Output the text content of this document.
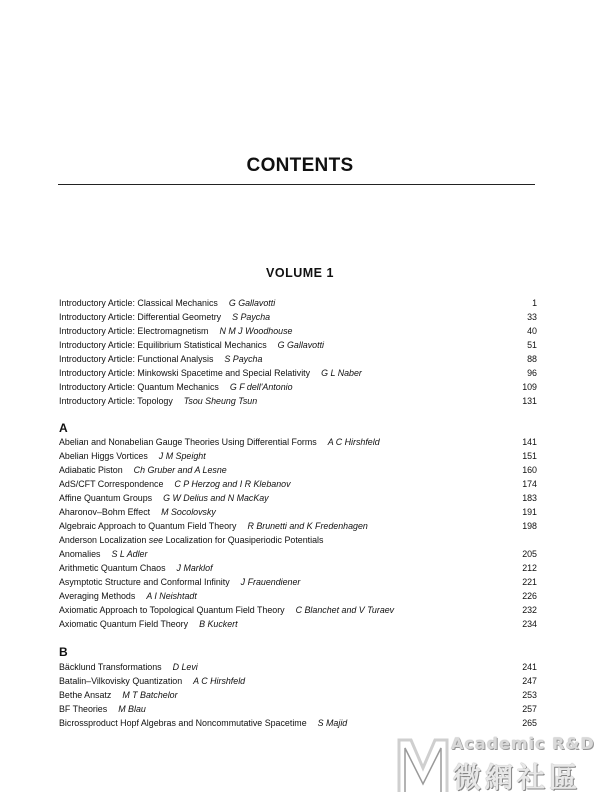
CONTENTS
VOLUME 1
Introductory Article: Classical Mechanics G Gallavotti	1
Introductory Article: Differential Geometry S Paycha	33
Introductory Article: Electromagnetism N M J Woodhouse	40
Introductory Article: Equilibrium Statistical Mechanics G Gallavotti	51
Introductory Article: Functional Analysis S Paycha	88
Introductory Article: Minkowski Spacetime and Special Relativity G L Naber	96
Introductory Article: Quantum Mechanics G F dell'Antonio	109
Introductory Article: Topology Tsou Sheung Tsun	131
A
Abelian and Nonabelian Gauge Theories Using Differential Forms A C Hirshfeld	141
Abelian Higgs Vortices J M Speight	151
Adiabatic Piston Ch Gruber and A Lesne	160
AdS/CFT Correspondence C P Herzog and I R Klebanov	174
Affine Quantum Groups G W Delius and N MacKay	183
Aharonov–Bohm Effect M Socolovsky	191
Algebraic Approach to Quantum Field Theory R Brunetti and K Fredenhagen	198
Anderson Localization see Localization for Quasiperiodic Potentials
Anomalies S L Adler	205
Arithmetic Quantum Chaos J Marklof	212
Asymptotic Structure and Conformal Infinity J Frauendiener	221
Averaging Methods A I Neishtadt	226
Axiomatic Approach to Topological Quantum Field Theory C Blanchet and V Turaev	232
Axiomatic Quantum Field Theory B Kuckert	234
B
Bäcklund Transformations D Levi	241
Batalin–Vilkovisky Quantization A C Hirshfeld	247
Bethe Ansatz M T Batchelor	253
BF Theories M Blau	257
Bicrossproduct Hopf Algebras and Noncommutative Spacetime S Majid	265
Academic R&D
微網社區
